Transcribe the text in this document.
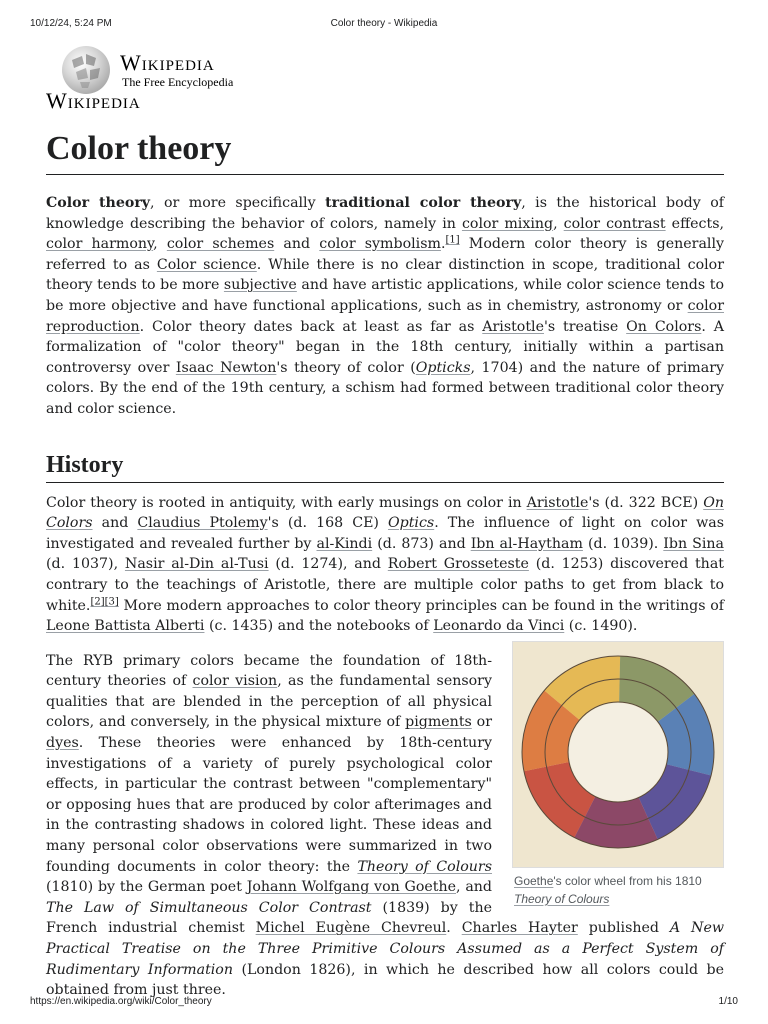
10/12/24, 5:24 PM	Color theory - Wikipedia
Wikipedia
The Free Encyclopedia
Wikipedia
Color theory

Color theory, or more specifically traditional color theory, is the historical body of knowledge describing the behavior of colors, namely in color mixing, color contrast effects, color harmony, color schemes and color symbolism.[1] Modern color theory is generally referred to as Color science. While there is no clear distinction in scope, traditional color theory tends to be more subjective and have artistic applications, while color science tends to be more objective and have functional applications, such as in chemistry, astronomy or color reproduction. Color theory dates back at least as far as Aristotle's treatise On Colors. A formalization of "color theory" began in the 18th century, initially within a partisan controversy over Isaac Newton's theory of color (Opticks, 1704) and the nature of primary colors. By the end of the 19th century, a schism had formed between traditional color theory and color science.

History

Color theory is rooted in antiquity, with early musings on color in Aristotle's (d. 322 BCE) On Colors and Claudius Ptolemy's (d. 168 CE) Optics. The influence of light on color was investigated and revealed further by al-Kindi (d. 873) and Ibn al-Haytham (d. 1039). Ibn Sina (d. 1037), Nasir al-Din al-Tusi (d. 1274), and Robert Grosseteste (d. 1253) discovered that contrary to the teachings of Aristotle, there are multiple color paths to get from black to white.[2][3] More modern approaches to color theory principles can be found in the writings of Leone Battista Alberti (c. 1435) and the notebooks of Leonardo da Vinci (c. 1490).

Goethe's color wheel from his 1810 Theory of Colours

The RYB primary colors became the foundation of 18th-century theories of color vision, as the fundamental sensory qualities that are blended in the perception of all physical colors, and conversely, in the physical mixture of pigments or dyes. These theories were enhanced by 18th-century investigations of a variety of purely psychological color effects, in particular the contrast between "complementary" or opposing hues that are produced by color afterimages and in the contrasting shadows in colored light. These ideas and many personal color observations were summarized in two founding documents in color theory: the Theory of Colours (1810) by the German poet Johann Wolfgang von Goethe, and The Law of Simultaneous Color Contrast (1839) by the French industrial chemist Michel Eugène Chevreul. Charles Hayter published A New Practical Treatise on the Three Primitive Colours Assumed as a Perfect System of Rudimentary Information (London 1826), in which he described how all colors could be obtained from just three.

https://en.wikipedia.org/wiki/Color_theory	1/10
